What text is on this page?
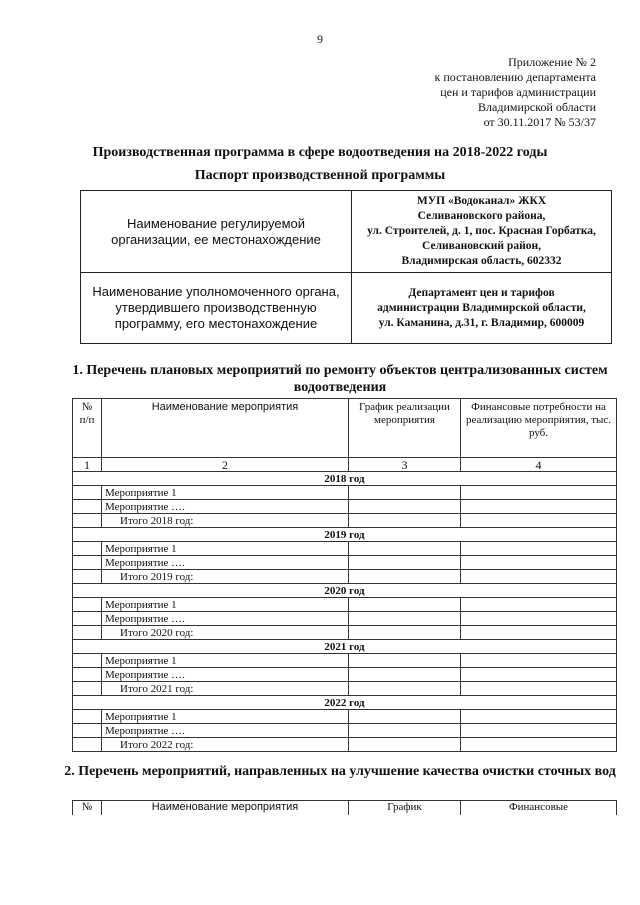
9
Приложение № 2
к постановлению департамента
цен и тарифов администрации
Владимирской области
от 30.11.2017 № 53/37
Производственная программа в сфере водоотведения на 2018-2022 годы
Паспорт производственной программы
Наименование регулируемой организации, ее местонахождение	МУП «Водоканал» ЖКХ
Селивановского района,
ул. Строителей, д. 1, пос. Красная Горбатка,
Селивановский район,
Владимирская область, 602332

Наименование уполномоченного органа, утвердившего производственную программу, его местонахождение	Департамент цен и тарифов
администрации Владимирской области,
ул. Каманина, д.31, г. Владимир, 600009
1. Перечень плановых мероприятий по ремонту объектов централизованных систем водоотведения
№ п/п	Наименование мероприятия	График реализации мероприятия	Финансовые потребности на реализацию мероприятия, тыс. руб.
1	2	3	4
2018 год			
	Мероприятие 1		
	Мероприятие ….		
	Итого 2018 год:		
2019 год			
	Мероприятие 1		
	Мероприятие ….		
	Итого 2019 год:		
2020 год			
	Мероприятие 1		
	Мероприятие ….		
	Итого 2020 год:		
2021 год			
	Мероприятие 1		
	Мероприятие ….		
	Итого 2021 год:		
2022 год			
	Мероприятие 1		
	Мероприятие ….		
	Итого 2022 год:		
2. Перечень мероприятий, направленных на улучшение качества очистки сточных вод
№	Наименование мероприятия	График	Финансовые
